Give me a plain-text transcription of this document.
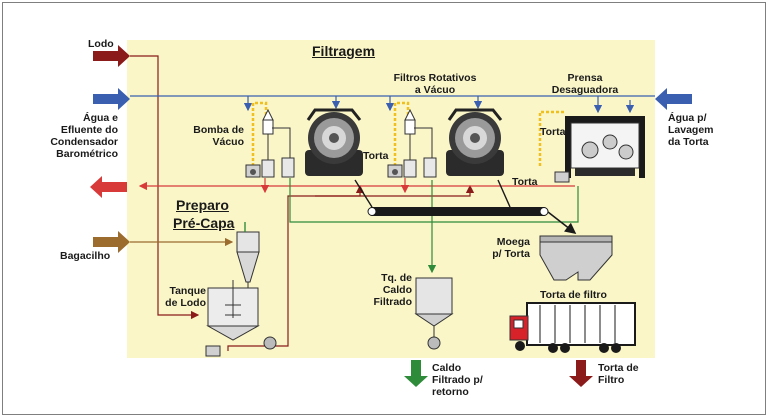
Filtragem
Preparo
Pré-Capa
Lodo
Água e
Efluente do
Condensador
Barométrico
Bagacilho
Água p/
Lavagem
da Torta
Filtros Rotativos
a Vácuo
Prensa
Desaguadora
Bomba de
Vácuo
Torta
Torta
Torta
Moega
p/ Torta
Tanque
de Lodo
Tq. de
Caldo
Filtrado
Torta de filtro
Caldo
Filtrado p/
retorno
Torta de
Filtro
